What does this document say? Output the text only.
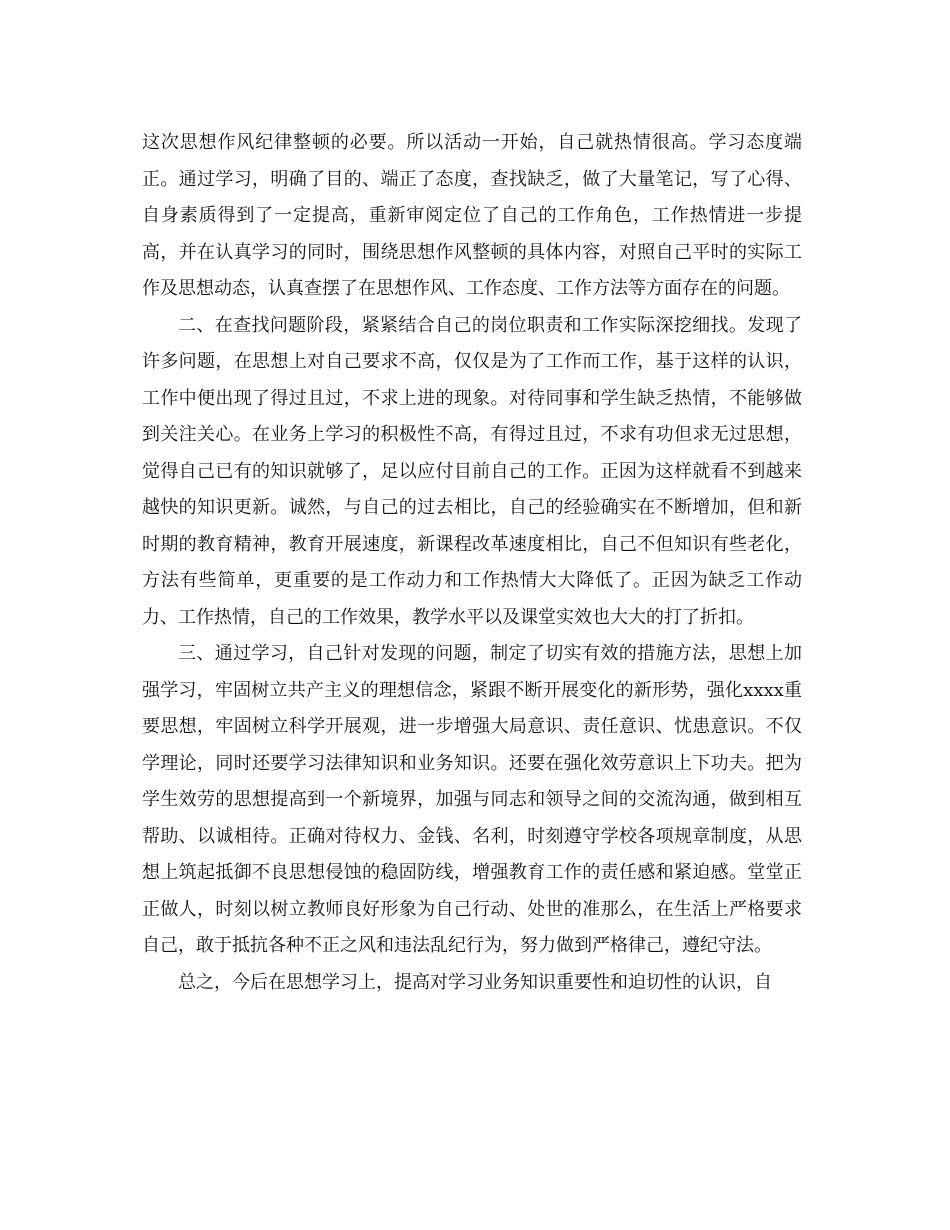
这次思想作风纪律整顿的必要。所以活动一开始，自己就热情很高。学习态度端正。通过学习，明确了目的、端正了态度，查找缺乏，做了大量笔记，写了心得、自身素质得到了一定提高，重新审阅定位了自己的工作角色，工作热情进一步提高，并在认真学习的同时，围绕思想作风整顿的具体内容，对照自己平时的实际工作及思想动态，认真查摆了在思想作风、工作态度、工作方法等方面存在的问题。

二、在查找问题阶段，紧紧结合自己的岗位职责和工作实际深挖细找。发现了许多问题，在思想上对自己要求不高，仅仅是为了工作而工作，基于这样的认识，工作中便出现了得过且过，不求上进的现象。对待同事和学生缺乏热情，不能够做到关注关心。在业务上学习的积极性不高，有得过且过，不求有功但求无过思想，觉得自己已有的知识就够了，足以应付目前自己的工作。正因为这样就看不到越来越快的知识更新。诚然，与自己的过去相比，自己的经验确实在不断增加，但和新时期的教育精神，教育开展速度，新课程改革速度相比，自己不但知识有些老化，方法有些简单，更重要的是工作动力和工作热情大大降低了。正因为缺乏工作动力、工作热情，自己的工作效果，教学水平以及课堂实效也大大的打了折扣。

三、通过学习，自己针对发现的问题，制定了切实有效的措施方法，思想上加强学习，牢固树立共产主义的理想信念，紧跟不断开展变化的新形势，强化xxxx重要思想，牢固树立科学开展观，进一步增强大局意识、责任意识、忧患意识。不仅学理论，同时还要学习法律知识和业务知识。还要在强化效劳意识上下功夫。把为学生效劳的思想提高到一个新境界，加强与同志和领导之间的交流沟通，做到相互帮助、以诚相待。正确对待权力、金钱、名利，时刻遵守学校各项规章制度，从思想上筑起抵御不良思想侵蚀的稳固防线，增强教育工作的责任感和紧迫感。堂堂正正做人，时刻以树立教师良好形象为自己行动、处世的准那么，在生活上严格要求自己，敢于抵抗各种不正之风和违法乱纪行为，努力做到严格律己，遵纪守法。

总之，今后在思想学习上，提高对学习业务知识重要性和迫切性的认识，自
